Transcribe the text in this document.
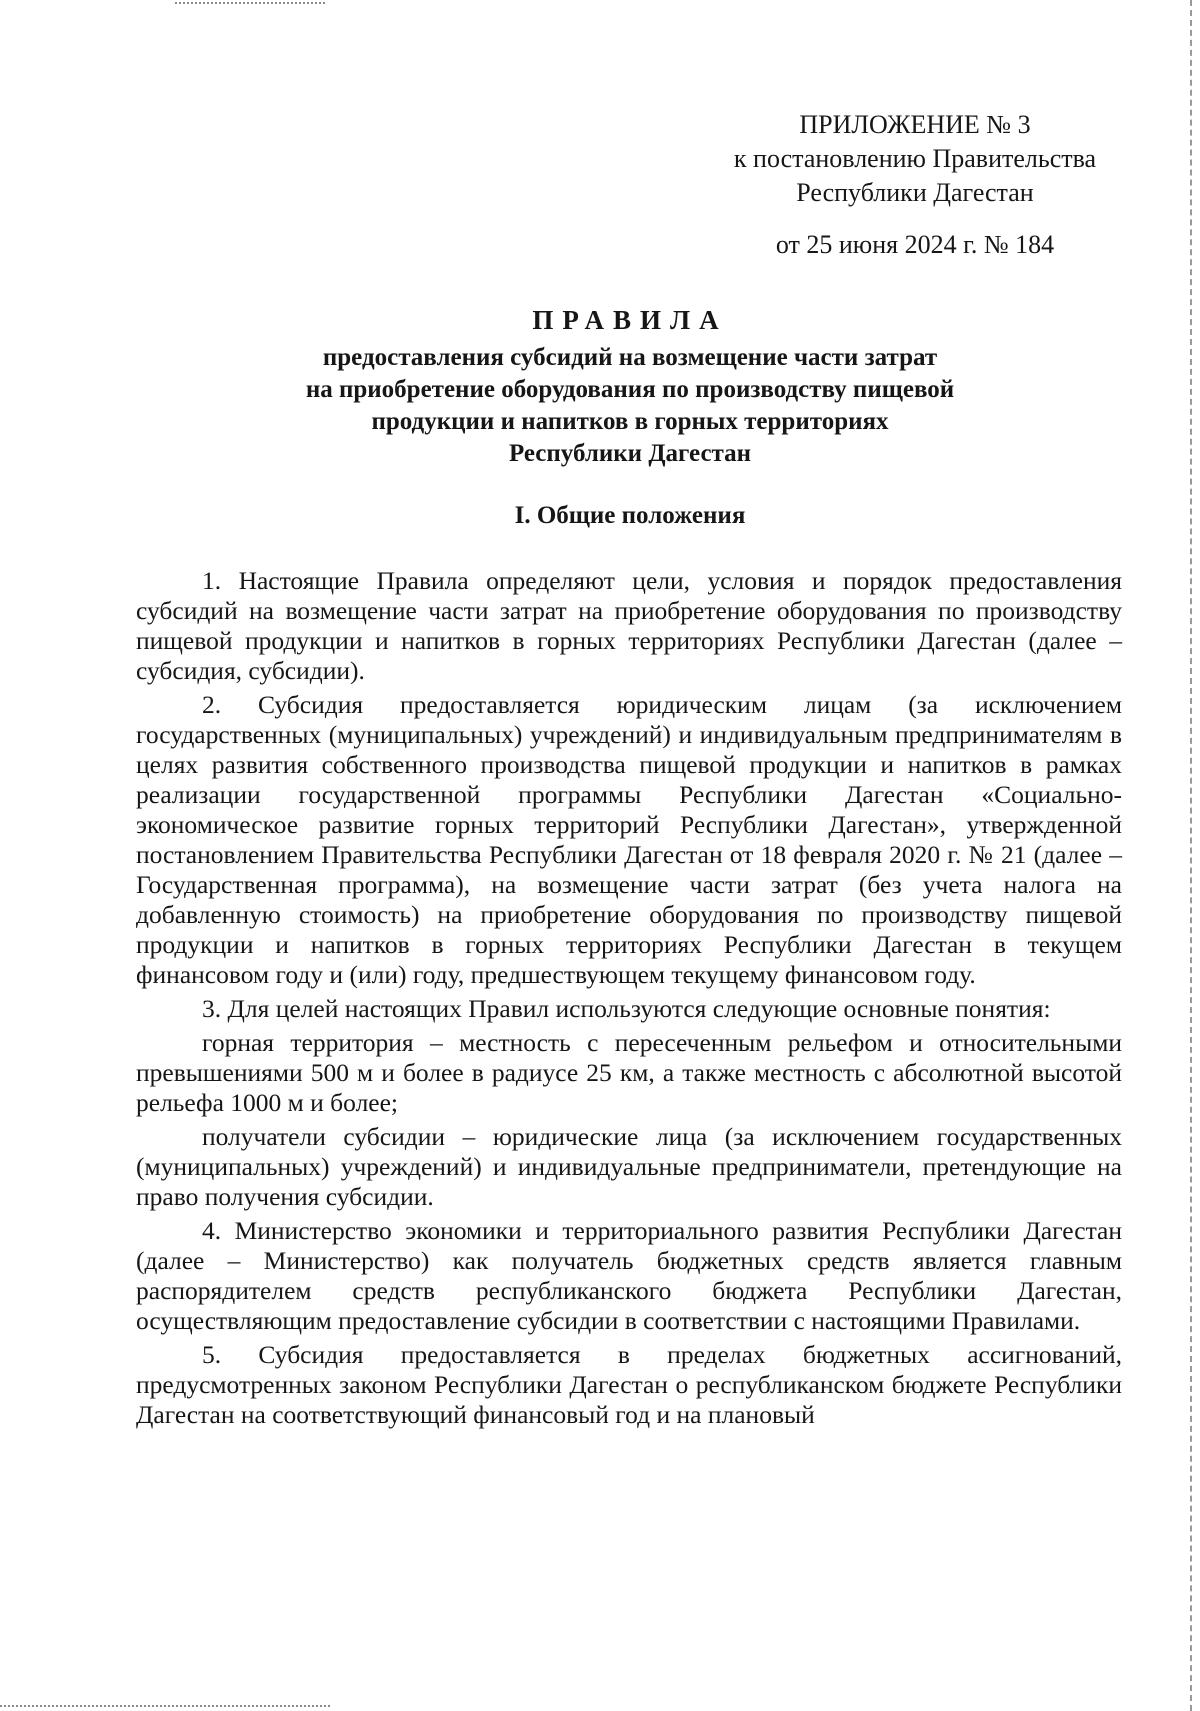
ПРИЛОЖЕНИЕ № 3
к постановлению Правительства
Республики Дагестан
от 25 июня 2024 г. № 184
ПРАВИЛА
предоставления субсидий на возмещение части затрат
на приобретение оборудования по производству пищевой
продукции и напитков в горных территориях
Республики Дагестан
I. Общие положения

1. Настоящие Правила определяют цели, условия и порядок предоставления субсидий на возмещение части затрат на приобретение оборудования по производству пищевой продукции и напитков в горных территориях Республики Дагестан (далее – субсидия, субсидии).

2. Субсидия предоставляется юридическим лицам (за исключением государственных (муниципальных) учреждений) и индивидуальным предпринимателям в целях развития собственного производства пищевой продукции и напитков в рамках реализации государственной программы Республики Дагестан «Социально-экономическое развитие горных территорий Республики Дагестан», утвержденной постановлением Правительства Республики Дагестан от 18 февраля 2020 г. № 21 (далее – Государственная программа), на возмещение части затрат (без учета налога на добавленную стоимость) на приобретение оборудования по производству пищевой продукции и напитков в горных территориях Республики Дагестан в текущем финансовом году и (или) году, предшествующем текущему финансовом году.

3. Для целей настоящих Правил используются следующие основные понятия:

горная территория – местность с пересеченным рельефом и относительными превышениями 500 м и более в радиусе 25 км, а также местность с абсолютной высотой рельефа 1000 м и более;

получатели субсидии – юридические лица (за исключением государственных (муниципальных) учреждений) и индивидуальные предприниматели, претендующие на право получения субсидии.

4. Министерство экономики и территориального развития Республики Дагестан (далее – Министерство) как получатель бюджетных средств является главным распорядителем средств республиканского бюджета Республики Дагестан, осуществляющим предоставление субсидии в соответствии с настоящими Правилами.

5. Субсидия предоставляется в пределах бюджетных ассигнований, предусмотренных законом Республики Дагестан о республиканском бюджете Республики Дагестан на соответствующий финансовый год и на плановый
